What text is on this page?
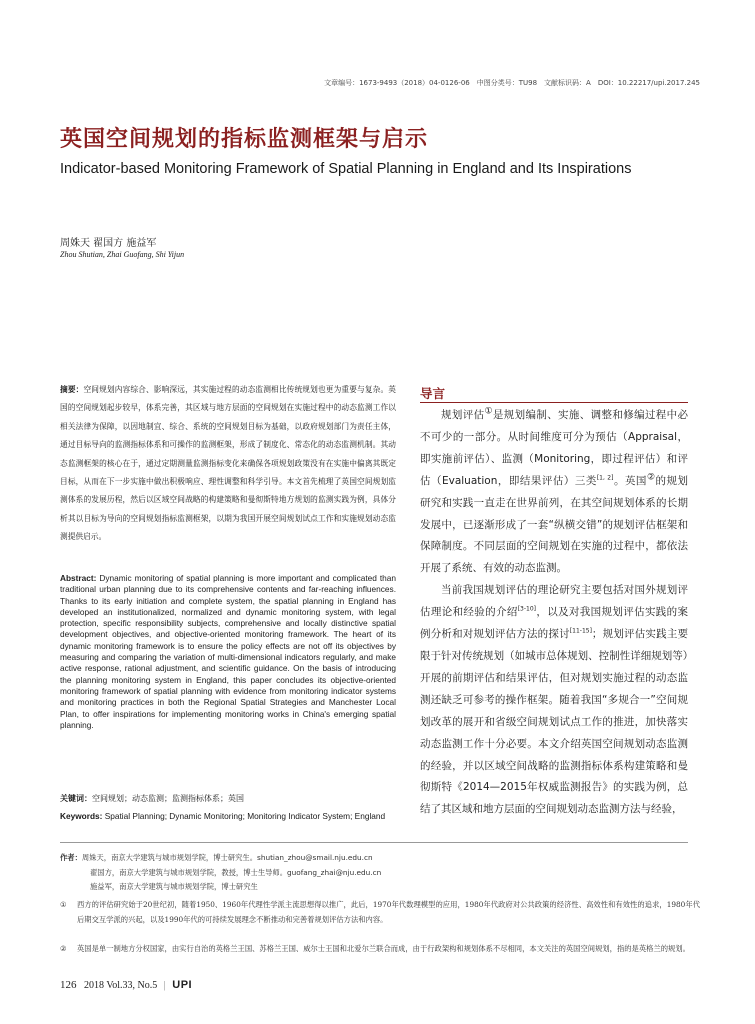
文章编号：1673-9493（2018）04-0126-06　中图分类号：TU98　文献标识码：A　DOI：10.22217/upi.2017.245
英国空间规划的指标监测框架与启示
Indicator-based Monitoring Framework of Spatial Planning in England and Its Inspirations
周姝天 翟国方 施益军
Zhou Shutian, Zhai Guofang, Shi Yijun
摘要：空间规划内容综合、影响深远，其实施过程的动态监测相比传统规划也更为重要与复杂。英国的空间规划起步较早，体系完善，其区域与地方层面的空间规划在实施过程中的动态监测工作以相关法律为保障，以因地制宜、综合、系统的空间规划目标为基础，以政府规划部门为责任主体，通过目标导向的监测指标体系和可操作的监测框架，形成了制度化、常态化的动态监测机制。其动态监测框架的核心在于，通过定期测量监测指标变化来确保各项规划政策没有在实施中偏离其既定目标，从而在下一步实施中做出积极响应、理性调整和科学引导。本文首先梳理了英国空间规划监测体系的发展历程，然后以区域空间战略的构建策略和曼彻斯特地方规划的监测实践为例，具体分析其以目标为导向的空间规划指标监测框架，以期为我国开展空间规划试点工作和实施规划动态监测提供启示。
Abstract: Dynamic monitoring of spatial planning is more important and complicated than traditional urban planning due to its comprehensive contents and far-reaching influences. Thanks to its early initiation and complete system, the spatial planning in England has developed an institutionalized, normalized and dynamic monitoring system, with legal protection, specific responsibility subjects, comprehensive and locally distinctive spatial development objectives, and objective-oriented monitoring framework. The heart of its dynamic monitoring framework is to ensure the policy effects are not off its objectives by measuring and comparing the variation of multi-dimensional indicators regularly, and make active response, rational adjustment, and scientific guidance. On the basis of introducing the planning monitoring system in England, this paper concludes its objective-oriented monitoring framework of spatial planning with evidence from monitoring indicator systems and monitoring practices in both the Regional Spatial Strategies and Manchester Local Plan, to offer inspirations for implementing monitoring works in China's emerging spatial planning.
关键词：空间规划；动态监测；监测指标体系；英国
Keywords: Spatial Planning; Dynamic Monitoring; Monitoring Indicator System; England
导言

规划评估①是规划编制、实施、调整和修编过程中必不可少的一部分。从时间维度可分为预估（Appraisal，即实施前评估）、监测（Monitoring，即过程评估）和评估（Evaluation，即结果评估）三类[1, 2]。英国②的规划研究和实践一直走在世界前列，在其空间规划体系的长期发展中，已逐渐形成了一套“纵横交错”的规划评估框架和保障制度。不同层面的空间规划在实施的过程中，都依法开展了系统、有效的动态监测。

当前我国规划评估的理论研究主要包括对国外规划评估理论和经验的介绍[3-10]，以及对我国规划评估实践的案例分析和对规划评估方法的探讨[11-15]；规划评估实践主要限于针对传统规划（如城市总体规划、控制性详细规划等）开展的前期评估和结果评估，但对规划实施过程的动态监测还缺乏可参考的操作框架。随着我国“多规合一”空间规划改革的展开和省级空间规划试点工作的推进，加快落实动态监测工作十分必要。本文介绍英国空间规划动态监测的经验，并以区域空间战略的监测指标体系构建策略和曼彻斯特《2014—2015年权威监测报告》的实践为例，总结了其区域和地方层面的空间规划动态监测方法与经验，

作者：周姝天，南京大学建筑与城市规划学院，博士研究生。shutian_zhou@smail.nju.edu.cn
翟国方，南京大学建筑与城市规划学院，教授，博士生导师。guofang_zhai@nju.edu.cn
施益军，南京大学建筑与城市规划学院，博士研究生
①	西方的评估研究始于20世纪初，随着1950、1960年代理性学派主流思想得以推广，此后，1970年代数理模型的应用，1980年代政府对公共政策的经济性、高效性和有效性的追求，1980年代后期交互学派的兴起，以及1990年代的可持续发展理念不断推动和完善着规划评估方法和内容。
②	英国是单一制地方分权国家，由实行自治的英格兰王国、苏格兰王国、威尔士王国和北爱尔兰联合而成，由于行政架构和规划体系不尽相同，本文关注的英国空间规划，指的是英格兰的规划。
126 2018 Vol.33, No.5 | UPI
